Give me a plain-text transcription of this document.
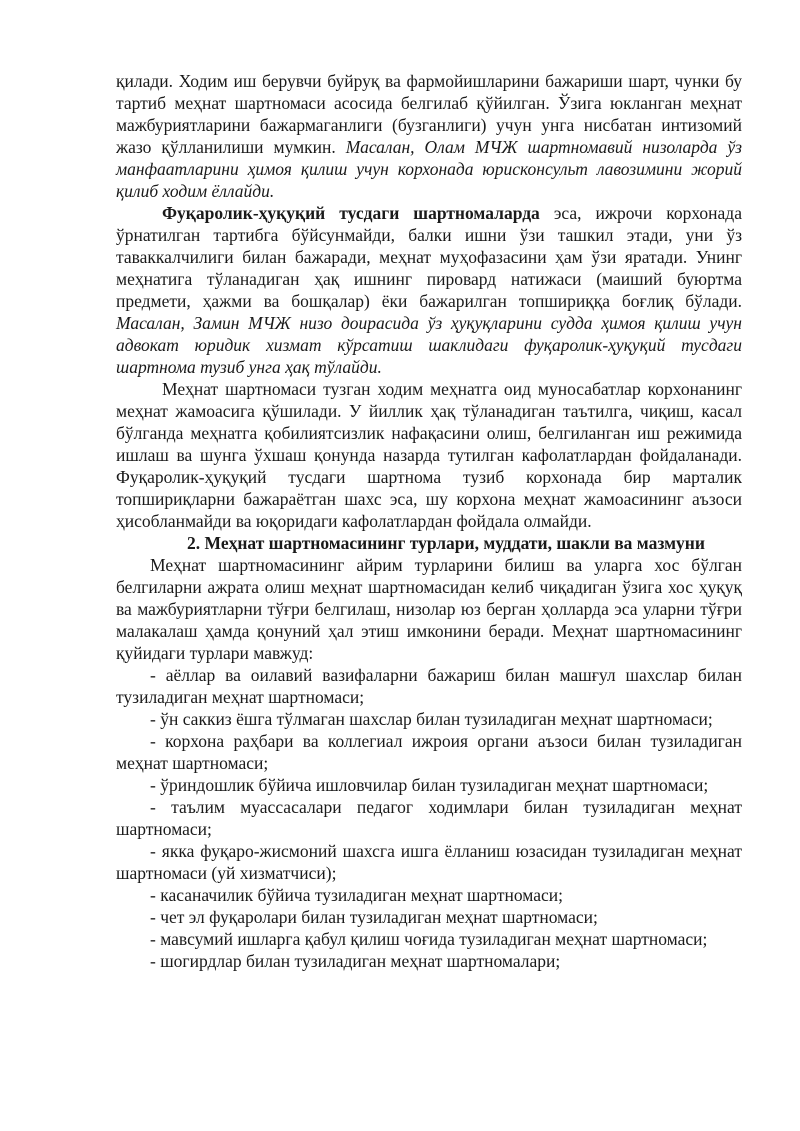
қилади. Ходим иш берувчи буйруқ ва фармойишларини бажариши шарт, чунки бу тартиб меҳнат шартномаси асосида белгилаб қўйилган. Ўзига юкланган меҳнат мажбуриятларини бажармаганлиги (бузганлиги) учун унга нисбатан интизомий жазо қўлланилиши мумкин. Масалан, Олам МЧЖ шартномавий низоларда ўз манфаатларини ҳимоя қилиш учун корхонада юрисконсульт лавозимини жорий қилиб ходим ёллайди.

Фуқаролик-ҳуқуқий тусдаги шартномаларда эса, ижрочи корхонада ўрнатилган тартибга бўйсунмайди, балки ишни ўзи ташкил этади, уни ўз таваккалчилиги билан бажаради, меҳнат муҳофазасини ҳам ўзи яратади. Унинг меҳнатига тўланадиган ҳақ ишнинг пировард натижаси (маиший буюртма предмети, ҳажми ва бошқалар) ёки бажарилган топшириққа боғлиқ бўлади. Масалан, Замин МЧЖ низо доирасида ўз ҳуқуқларини судда ҳимоя қилиш учун адвокат юридик хизмат кўрсатиш шаклидаги фуқаролик-ҳуқуқий тусдаги шартнома тузиб унга ҳақ тўлайди.

Меҳнат шартномаси тузган ходим меҳнатга оид муносабатлар корхонанинг меҳнат жамоасига қўшилади. У йиллик ҳақ тўланадиган таътилга, чиқиш, касал бўлганда меҳнатга қобилиятсизлик нафақасини олиш, белгиланган иш режимида ишлаш ва шунга ўхшаш қонунда назарда тутилган кафолатлардан фойдаланади. Фуқаролик-ҳуқуқий тусдаги шартнома тузиб корхонада бир марталик топшириқларни бажараётган шахс эса, шу корхона меҳнат жамоасининг аъзоси ҳисобланмайди ва юқоридаги кафолатлардан фойдала олмайди.

2. Меҳнат шартномасининг турлари, муддати, шакли ва мазмуни

Меҳнат шартномасининг айрим турларини билиш ва уларга хос бўлган белгиларни ажрата олиш меҳнат шартномасидан келиб чиқадиган ўзига хос ҳуқуқ ва мажбуриятларни тўғри белгилаш, низолар юз берган ҳолларда эса уларни тўғри малакалаш ҳамда қонуний ҳал этиш имконини беради. Меҳнат шартномасининг қуйидаги турлари мавжуд:

- аёллар ва оилавий вазифаларни бажариш билан машғул шахслар билан тузиладиган меҳнат шартномаси;
- ўн саккиз ёшга тўлмаган шахслар билан тузиладиган меҳнат шартномаси;
- корхона раҳбари ва коллегиал ижроия органи аъзоси билан тузиладиган меҳнат шартномаси;
- ўриндошлик бўйича ишловчилар билан тузиладиган меҳнат шартномаси;
- таълим муассасалари педагог ходимлари билан тузиладиган меҳнат шартномаси;
- якка фуқаро-жисмоний шахсга ишга ёлланиш юзасидан тузиладиган меҳнат шартномаси (уй хизматчиси);
- касаначилик бўйича тузиладиган меҳнат шартномаси;
- чет эл фуқаролари билан тузиладиган меҳнат шартномаси;
- мавсумий ишларга қабул қилиш чоғида тузиладиган меҳнат шартномаси;
- шогирдлар билан тузиладиган меҳнат шартномалари;
